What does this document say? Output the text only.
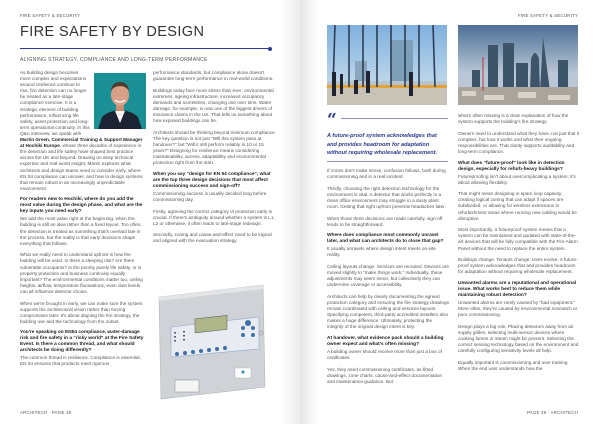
FIRE SAFETY & SECURITY
FIRE SAFETY BY DESIGN
ALIGNING STRATEGY, COMPLIANCE AND LONG-TERM PERFORMANCE

As building design becomes more complex and expectations around resilience continue to rise, fire detection can no longer be treated as a late-stage compliance exercise. It is a strategic element of building performance, influencing life safety, asset protection and long-term operational continuity. In this Q&A interview, we speak with Martin Green, Commercial Training & Support Manager at Hochiki Europe, whose three decades of experience in fire detection and life safety have shaped best practice across the UK and beyond. Drawing on deep technical expertise and real-world insight, Martin explores what architects and design teams need to consider early, where EN 54 compliance can unravel, and how to design systems that remain robust in an increasingly unpredictable environment.

For readers new to Hochiki, where do you add the most value during the design phase, and what are the key inputs you need early?

We add the most value right at the beginning, when the building is still an idea rather than a fixed layout. Too often, fire detection is treated as something that's overlaid late in the process, but the reality is that early decisions shape everything that follows.

What we really need to understand upfront is how the building will be used. Is there a sleeping risk? Are there vulnerable occupants? Is the priority purely life safety, or is property protection and business continuity equally important? The environmental conditions matter too, ceiling heights, airflow, temperature fluctuations, even dust levels can all influence detector choice.

When we're brought in early, we can make sure the system supports the architectural vision rather than forcing compromises later. It's about aligning the fire strategy, the building use and the technology from the outset.

You're speaking on EN54 compliance, water-damage risk and fire safety in a “risky world” at the Fire Safety Event. Is there a common thread, and what should architects be doing differently?

The common thread is resilience. Compliance is essential, EN 54 ensures that products meet rigorous

performance standards, but compliance alone doesn't guarantee long-term performance in real-world conditions.

Buildings today face more stress than ever: environmental extremes, ageing infrastructure, increased occupancy demands and sometimes, changing use over time. Water damage, for example, is now one of the biggest drivers of insurance claims in the UK. That tells us something about how exposed buildings can be.

Architects should be thinking beyond minimum compliance. The key question is not just “Will this system pass at handover?” but “Will it still perform reliably in 10 or 15 years?” Designing for resilience means considering maintainability, access, adaptability and environmental protection right from the start.

When you say “design for EN 54 compliance”, what are the top three design decisions that most affect commissioning success and sign-off?

Commissioning success is usually decided long before commissioning day.

Firstly, agreeing the correct category of protection early is crucial. If there's ambiguity around whether a system is L1, L2 or otherwise, it often leads to late-stage redesign.

Secondly, zoning and cause-and-effect need to be logical and aligned with the evacuation strategy.

ARCHITECH · PAGE 48
FIRE SAFETY & SECURITY
“
A future-proof system acknowledges that and provides headroom for adaptation without requiring wholesale replacement.

If zones don't make sense, confusion follows, both during commissioning and in a real incident.

Thirdly, choosing the right detection technology for the environment is vital. A detector that works perfectly in a clean office environment may struggle in a dusty plant room. Getting that right upfront prevents headaches later.

When those three decisions are made carefully, sign-off tends to be straightforward.

Where does compliance most commonly unravel later, and what can architects do to close that gap?

It usually unravels where design intent meets on-site reality.

Ceiling layouts change. Services are rerouted. Devices are moved slightly to “make things work.” Individually, these adjustments may seem minor, but collectively they can undermine coverage or accessibility.

Architects can help by clearly documenting the agreed protection category and ensuring the fire strategy drawings remain coordinated with ceiling and services layouts. Specifying competent, third-party accredited installers also makes a huge difference. Ultimately, protecting the integrity of the original design intent is key.

At handover, what evidence pack should a building owner expect and what's often missing?

A building owner should receive more than just a box of certificates.

Yes, they need commissioning certificates, as-fitted drawings, zone charts, cause-and-effect documentation and maintenance guidance. But

what's often missing is a clear explanation of how the system supports the building's fire strategy.

Owners need to understand what they have, not just that it complies, but how it works and what their ongoing responsibilities are. That clarity supports auditability and long-term compliance.

What does “future-proof” look like in detection design, especially for refurb-heavy buildings?

Futureproofing isn't about overcomplicating a system; it's about allowing flexibility.

That might mean designing in spare loop capacity, creating logical zoning that can adapt if spaces are subdivided, or allowing for wireless extensions in refurbishment areas where running new cabling would be disruptive.

Most importantly, a futureproof system means that a system can be maintained and updated with state-of-the-art devices that will be fully compatible with the Fire Alarm Panel without the need to replace the entire system.

Buildings change. Tenants change. Uses evolve. A future-proof system acknowledges that and provides headroom for adaptation without requiring wholesale replacement.

Unwanted alarms are a reputational and operational issue. What works best to reduce them while maintaining robust detection?

Unwanted alarms are rarely caused by “bad equipment.” More often, they're caused by environmental mismatch or poor commissioning.

Design plays a big role. Placing detectors away from air supply grilles, selecting multi-sensor devices where cooking fumes or steam might be present. Selecting the correct sensing technology based on the environment and carefully configuring sensitivity levels all help.

Equally important is commissioning and user training. When the end user understands how the

PAGE 49 · ARCHITECH
